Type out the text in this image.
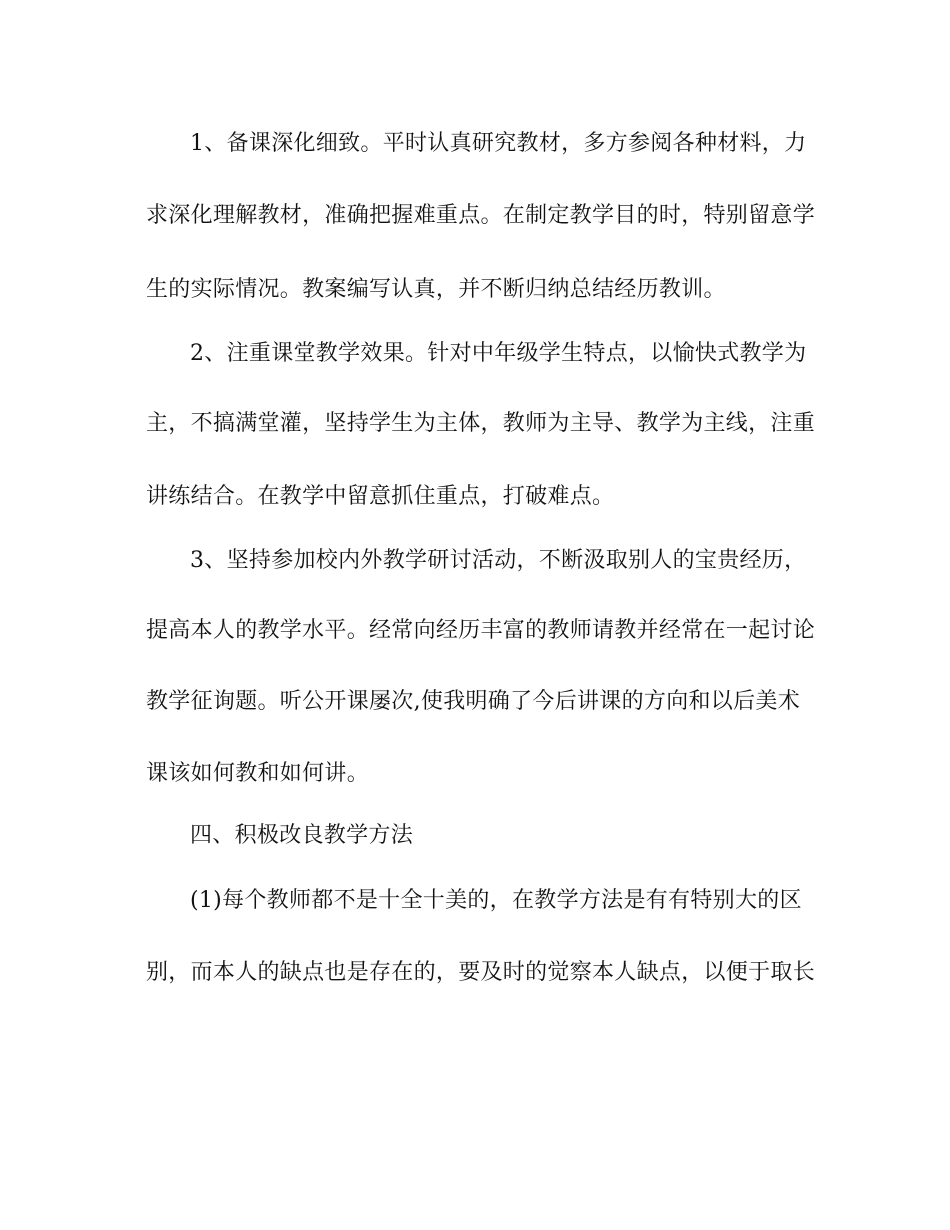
1、备课深化细致。平时认真研究教材，多方参阅各种材料，力
求深化理解教材，准确把握难重点。在制定教学目的时，特别留意学
生的实际情况。教案编写认真，并不断归纳总结经历教训。
2、注重课堂教学效果。针对中年级学生特点，以愉快式教学为
主，不搞满堂灌，坚持学生为主体，教师为主导、教学为主线，注重
讲练结合。在教学中留意抓住重点，打破难点。
3、坚持参加校内外教学研讨活动，不断汲取别人的宝贵经历，
提高本人的教学水平。经常向经历丰富的教师请教并经常在一起讨论
教学征询题。听公开课屡次,使我明确了今后讲课的方向和以后美术
课该如何教和如何讲。
四、积极改良教学方法
(1)每个教师都不是十全十美的，在教学方法是有有特别大的区
别，而本人的缺点也是存在的，要及时的觉察本人缺点，以便于取长
